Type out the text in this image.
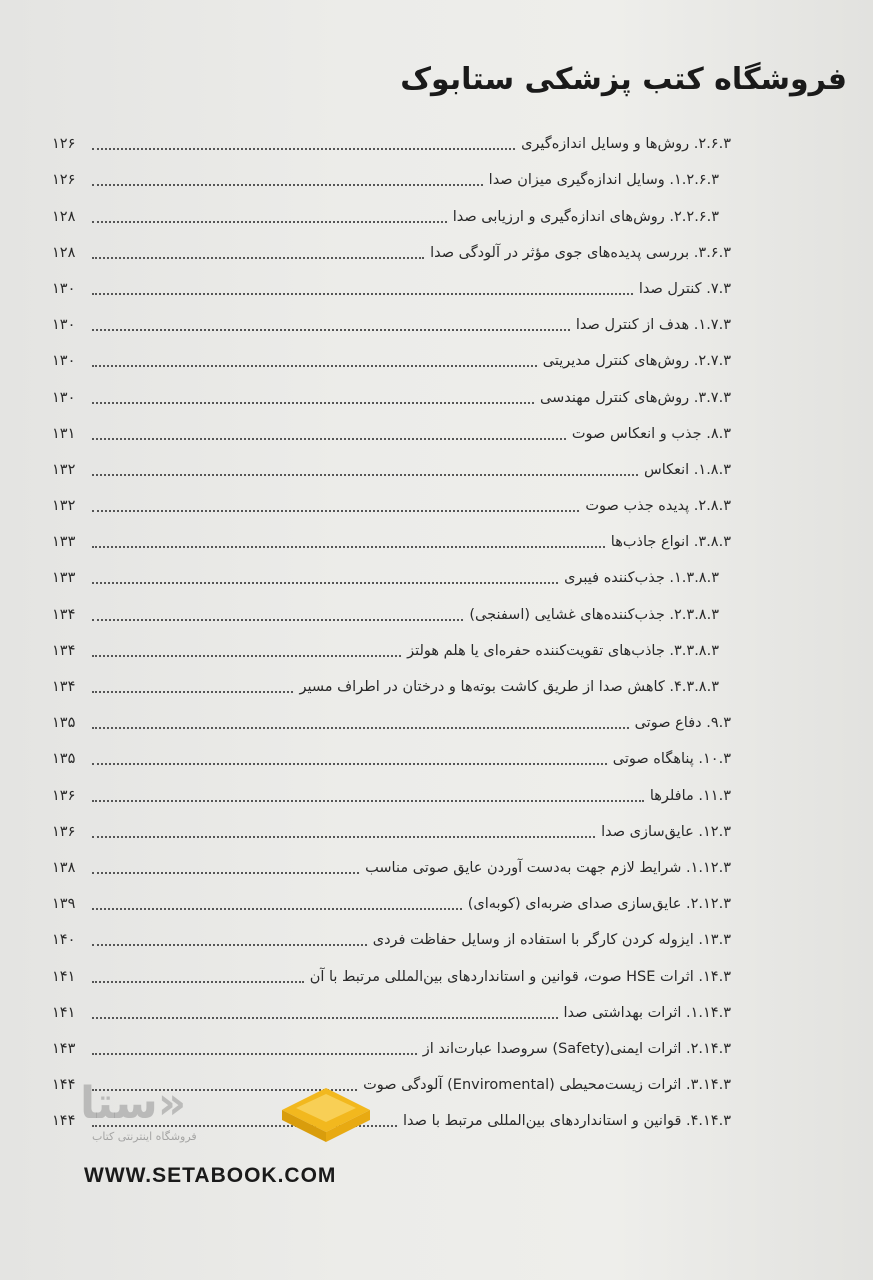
فروشگاه کتب پزشکی ستابوک
۲.۶.۳. روش‌ها و وسایل اندازه‌گیری
۱۲۶
۱.۲.۶.۳. وسایل اندازه‌گیری میزان صدا
۱۲۶
۲.۲.۶.۳. روش‌های اندازه‌گیری و ارزیابی صدا
۱۲۸
۳.۶.۳. بررسی پدیده‌های جوی مؤثر در آلودگی صدا
۱۲۸
۷.۳. کنترل صدا
۱۳۰
۱.۷.۳. هدف از کنترل صدا
۱۳۰
۲.۷.۳. روش‌های کنترل مدیریتی
۱۳۰
۳.۷.۳. روش‌های کنترل مهندسی
۱۳۰
۸.۳. جذب و انعکاس صوت
۱۳۱
۱.۸.۳. انعکاس
۱۳۲
۲.۸.۳. پدیده جذب صوت
۱۳۲
۳.۸.۳. انواع جاذب‌ها
۱۳۳
۱.۳.۸.۳. جذب‌کننده فیبری
۱۳۳
۲.۳.۸.۳. جذب‌کننده‌های غشایی (اسفنجی)
۱۳۴
۳.۳.۸.۳. جاذب‌های تقویت‌کننده حفره‌ای یا هلم هولتز
۱۳۴
۴.۳.۸.۳. کاهش صدا از طریق کاشت بوته‌ها و درختان در اطراف مسیر
۱۳۴
۹.۳. دفاع صوتی
۱۳۵
۱۰.۳. پناهگاه صوتی
۱۳۵
۱۱.۳. مافلرها
۱۳۶
۱۲.۳. عایق‌سازی صدا
۱۳۶
۱.۱۲.۳. شرایط لازم جهت به‌دست آوردن عایق صوتی مناسب
۱۳۸
۲.۱۲.۳. عایق‌سازی صدای ضربه‌ای (کوبه‌ای)
۱۳۹
۱۳.۳. ایزوله کردن کارگر با استفاده از وسایل حفاظت فردی
۱۴۰
۱۴.۳. اثرات HSE صوت، قوانین و استانداردهای بین‌المللی مرتبط با آن
۱۴۱
۱.۱۴.۳. اثرات بهداشتی صدا
۱۴۱
۲.۱۴.۳. اثرات ایمنی(Safety) سروصدا عبارت‌اند از
۱۴۳
۳.۱۴.۳. اثرات زیست‌محیطی (Enviromental) آلودگی صوت
۱۴۴
۴.۱۴.۳. قوانین و استانداردهای بین‌المللی مرتبط با صدا
۱۴۴ «ستا
فروشگاه اینترنتی کتاب
WWW.SETABOOK.COM
